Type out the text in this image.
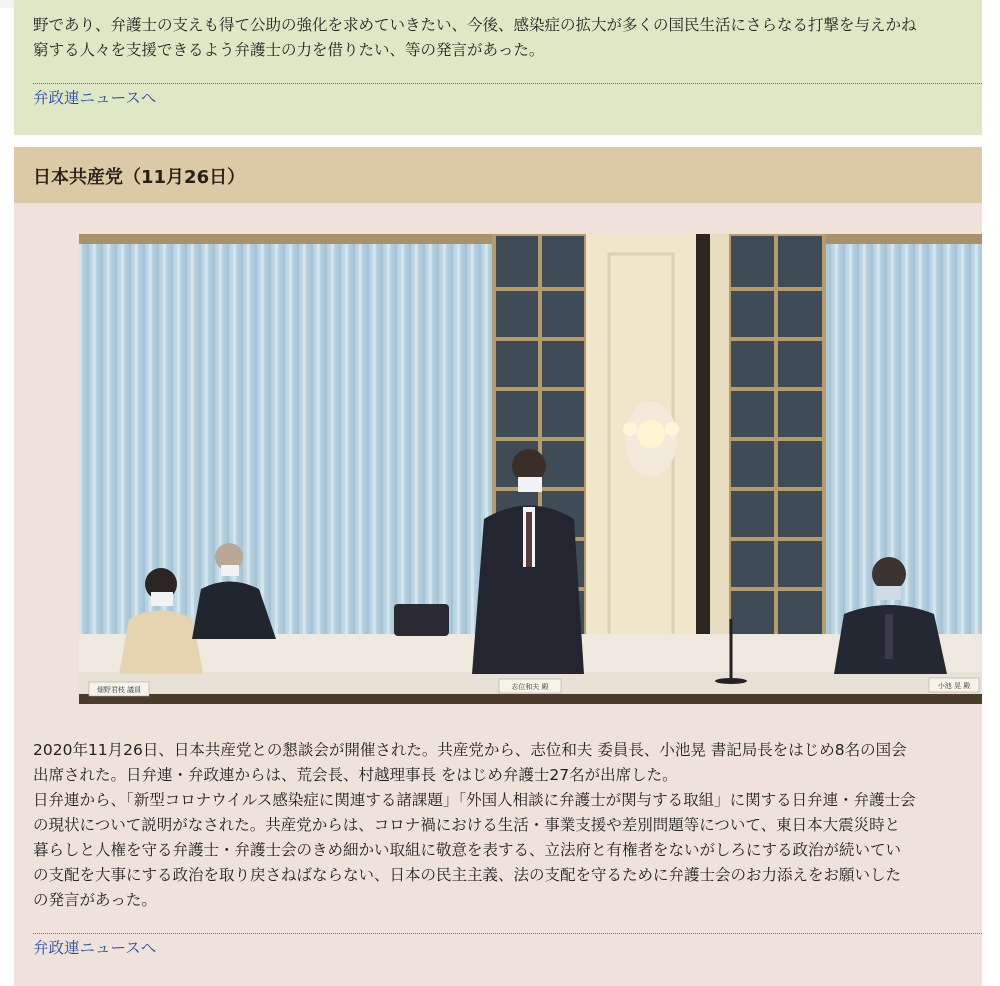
野であり、弁護士の支えも得て公助の強化を求めていきたい、今後、感染症の拡大が多くの国民生活にさらなる打撃を与えかね
窮する人々を支援できるよう弁護士の力を借りたい、等の発言があった。
弁政連ニュースへ
日本共産党（11月26日）
畑野君枝 議員	志位和夫 殿	小池 晃 殿
2020年11月26日、日本共産党との懇談会が開催された。共産党から、志位和夫 委員長、小池晃 書記局長をはじめ8名の国会
出席された。日弁連・弁政連からは、荒会長、村越理事長 をはじめ弁護士27名が出席した。
日弁連から、「新型コロナウイルス感染症に関連する諸課題」「外国人相談に弁護士が関与する取組」に関する日弁連・弁護士会
の現状について説明がなされた。共産党からは、コロナ禍における生活・事業支援や差別問題等について、東日本大震災時と
暮らしと人権を守る弁護士・弁護士会のきめ細かい取組に敬意を表する、立法府と有権者をないがしろにする政治が続いてい
の支配を大事にする政治を取り戻さねばならない、日本の民主主義、法の支配を守るために弁護士会のお力添えをお願いした
の発言があった。
弁政連ニュースへ
